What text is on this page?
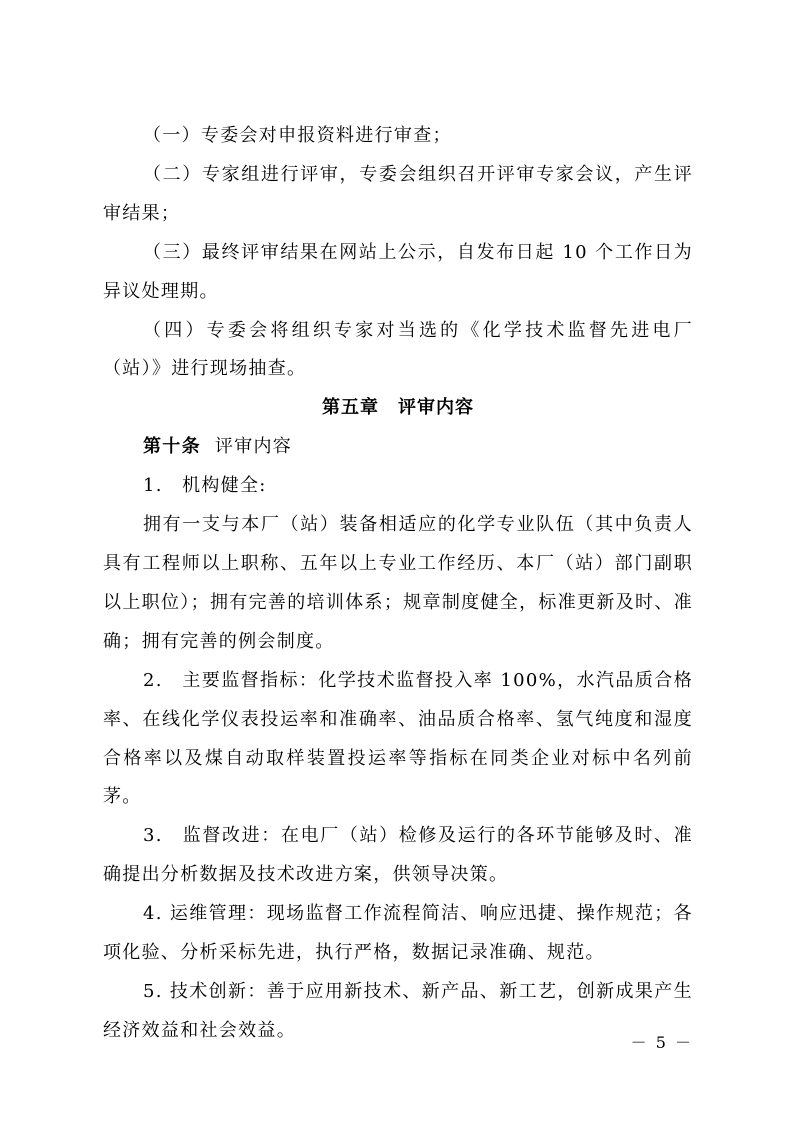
（一）专委会对申报资料进行审查；

（二）专家组进行评审，专委会组织召开评审专家会议，产生评审结果；

（三）最终评审结果在网站上公示，自发布日起 10 个工作日为异议处理期。

（四）专委会将组织专家对当选的《化学技术监督先进电厂（站）》进行现场抽查。

第五章　评审内容

第十条 评审内容

1.　机构健全:

拥有一支与本厂（站）装备相适应的化学专业队伍（其中负责人具有工程师以上职称、五年以上专业工作经历、本厂（站）部门副职以上职位）；拥有完善的培训体系；规章制度健全，标准更新及时、准确；拥有完善的例会制度。

2.　主要监督指标：化学技术监督投入率 100%，水汽品质合格率、在线化学仪表投运率和准确率、油品质合格率、氢气纯度和湿度合格率以及煤自动取样装置投运率等指标在同类企业对标中名列前茅。

3.　监督改进：在电厂（站）检修及运行的各环节能够及时、准确提出分析数据及技术改进方案，供领导决策。

4. 运维管理：现场监督工作流程简洁、响应迅捷、操作规范；各项化验、分析采标先进，执行严格，数据记录准确、规范。

5. 技术创新：善于应用新技术、新产品、新工艺，创新成果产生经济效益和社会效益。

－ 5 －
